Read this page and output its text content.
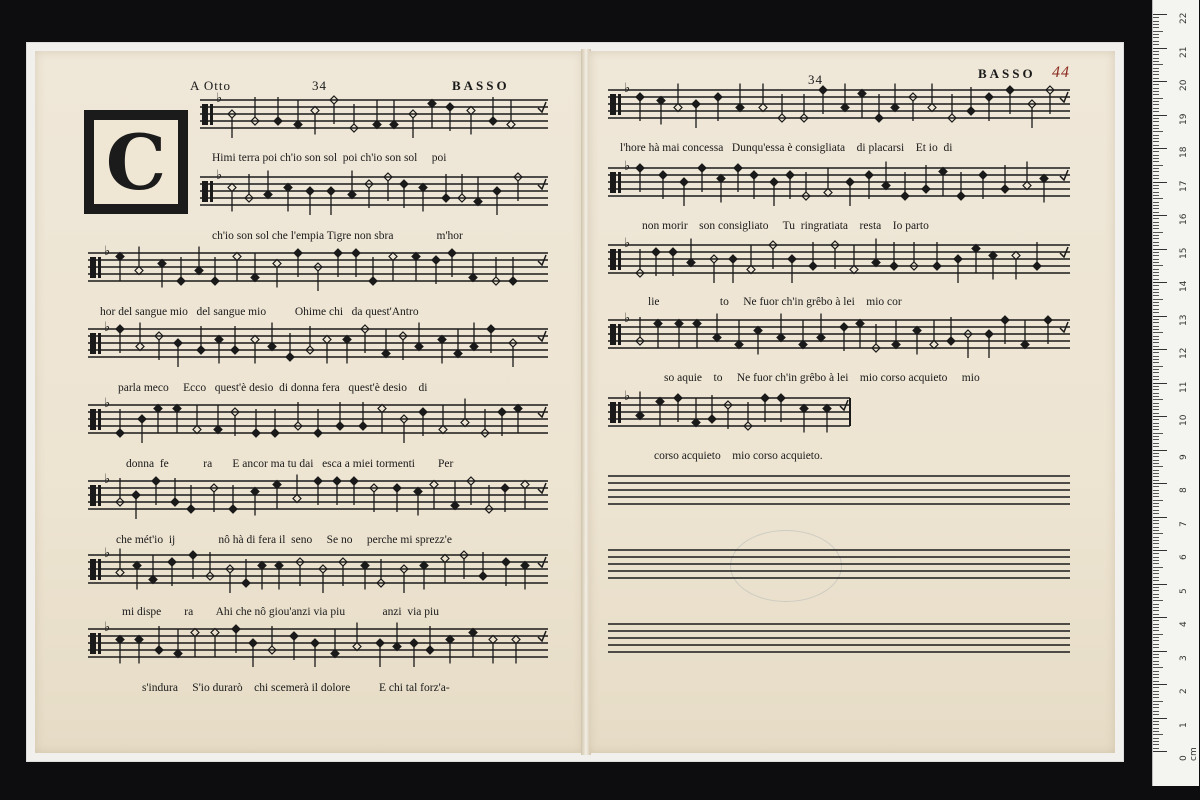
A Otto	34	BASSO
C
34	BASSO 44
Himi terra poi ch'io son sol  poi ch'io son sol     poi
ch'io son sol che l'empia Tigre non sbra               m'hor
hor del sangue mio   del sangue mio          Ohime chi   da quest'Antro
parla meco     Ecco   quest'è desio  di donna fera   quest'è desio    di
donna  fe            ra       E ancor ma tu dai   esca a miei tormenti        Per
che mét'io  ij               nô hà di fera il  seno     Se no     perche mi sprezz'e
mi dispe        ra        Ahi che nô giou'anzi via piu             anzi  via piu
s'indura     S'io durarò    chi scemerà il dolore          E chi tal forz'a-
l'hore hà mai concessa   Dunqu'essa è consigliata    di placarsi    Et io  di
non morir    son consigliato     Tu  ringratiata    resta    Io parto
lie                     to     Ne fuor ch'in grêbo à lei    mio cor
so aquie    to     Ne fuor ch'in grêbo à lei    mio corso acquieto     mio
corso acquieto    mio corso acquieto.
♭
♭
♭
♭
♭
♭
♭
♭
♭
♭
♭
♭
♭
22
21
20
19
18
17
16
15
14
13
12
11
10
9
8
7
6
5
4
3
2
1
0 cm
